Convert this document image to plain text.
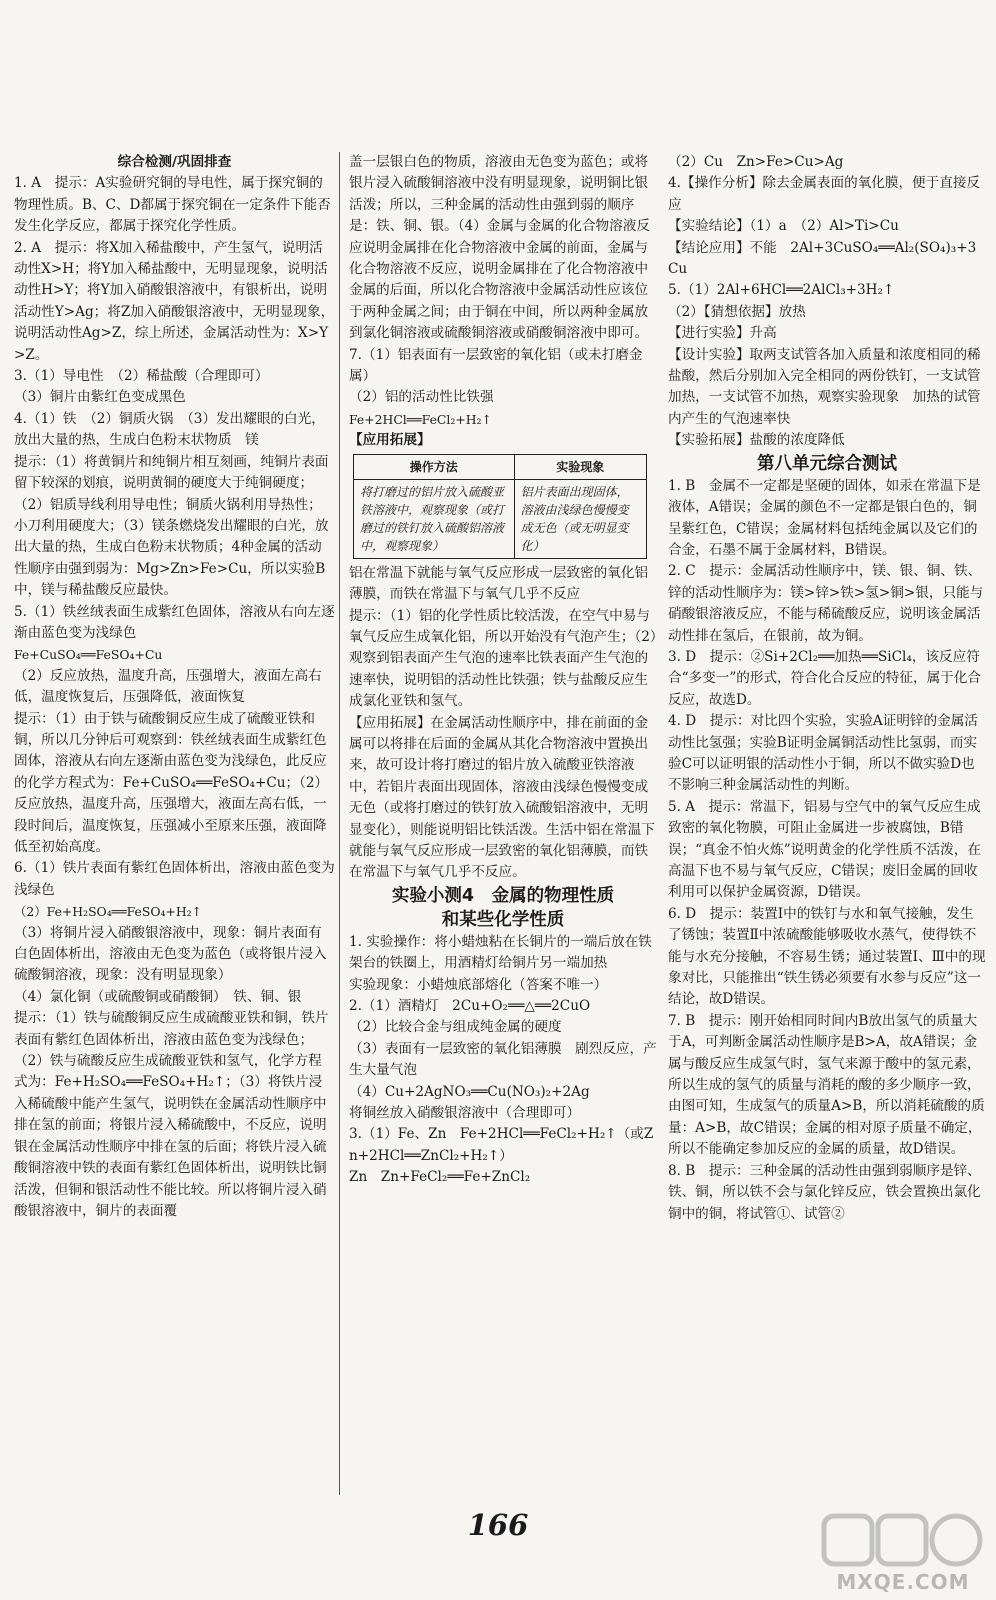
综合检测/巩固排查

1. A　提示：A实验研究铜的导电性，属于探究铜的物理性质。B、C、D都属于探究铜在一定条件下能否发生化学反应，都属于探究化学性质。

2. A　提示：将X加入稀盐酸中，产生氢气，说明活动性X>H；将Y加入稀盐酸中，无明显现象，说明活动性H>Y；将Y加入硝酸银溶液中，有银析出，说明活动性Y>Ag；将Z加入硝酸银溶液中，无明显现象，说明活动性Ag>Z，综上所述，金属活动性为：X>Y>Z。

3.（1）导电性　（2）稀盐酸（合理即可）

（3）铜片由紫红色变成黑色

4.（1）铁　（2）铜质火锅　（3）发出耀眼的白光，放出大量的热，生成白色粉末状物质　镁

提示：（1）将黄铜片和纯铜片相互刻画，纯铜片表面留下较深的划痕，说明黄铜的硬度大于纯铜硬度；（2）铝质导线利用导电性；铜质火锅利用导热性；小刀利用硬度大；（3）镁条燃烧发出耀眼的白光，放出大量的热，生成白色粉末状物质；4种金属的活动性顺序由强到弱为：Mg>Zn>Fe>Cu，所以实验B中，镁与稀盐酸反应最快。

5.（1）铁丝绒表面生成紫红色固体，溶液从右向左逐渐由蓝色变为浅绿色

Fe+CuSO₄══FeSO₄+Cu

（2）反应放热，温度升高，压强增大，液面左高右低，温度恢复后，压强降低，液面恢复

提示：（1）由于铁与硫酸铜反应生成了硫酸亚铁和铜，所以几分钟后可观察到：铁丝绒表面生成紫红色固体，溶液从右向左逐渐由蓝色变为浅绿色，此反应的化学方程式为：Fe+CuSO₄══FeSO₄+Cu；（2）反应放热，温度升高，压强增大，液面左高右低，一段时间后，温度恢复，压强减小至原来压强，液面降低至初始高度。

6.（1）铁片表面有紫红色固体析出，溶液由蓝色变为浅绿色

（2）Fe+H₂SO₄══FeSO₄+H₂↑

（3）将铜片浸入硝酸银溶液中，现象：铜片表面有白色固体析出，溶液由无色变为蓝色（或将银片浸入硫酸铜溶液，现象：没有明显现象）

（4）氯化铜（或硫酸铜或硝酸铜）　铁、铜、银

提示：（1）铁与硫酸铜反应生成硫酸亚铁和铜，铁片表面有紫红色固体析出，溶液由蓝色变为浅绿色；（2）铁与硫酸反应生成硫酸亚铁和氢气，化学方程式为：Fe+H₂SO₄══FeSO₄+H₂↑；（3）将铁片浸入稀硫酸中能产生氢气，说明铁在金属活动性顺序中排在氢的前面；将银片浸入稀硫酸中，不反应，说明银在金属活动性顺序中排在氢的后面；将铁片浸入硫酸铜溶液中铁的表面有紫红色固体析出，说明铁比铜活泼，但铜和银活动性不能比较。所以将铜片浸入硝酸银溶液中，铜片的表面覆

盖一层银白色的物质，溶液由无色变为蓝色；或将银片浸入硫酸铜溶液中没有明显现象，说明铜比银活泼；所以，三种金属的活动性由强到弱的顺序是：铁、铜、银。（4）金属与金属的化合物溶液反应说明金属排在化合物溶液中金属的前面，金属与化合物溶液不反应，说明金属排在了化合物溶液中金属的后面，所以化合物溶液中金属活动性应该位于两种金属之间；由于铜在中间，所以两种金属放到氯化铜溶液或硫酸铜溶液或硝酸铜溶液中即可。

7.（1）铝表面有一层致密的氧化铝（或未打磨金属）

（2）铝的活动性比铁强

Fe+2HCl══FeCl₂+H₂↑

【应用拓展】

操作方法	实验现象
将打磨过的铝片放入硫酸亚铁溶液中，观察现象（或打磨过的铁钉放入硫酸铝溶液中，观察现象）
铝片表面出现固体，溶液由浅绿色慢慢变成无色（或无明显变化）

铝在常温下就能与氧气反应形成一层致密的氧化铝薄膜，而铁在常温下与氧气几乎不反应

提示：（1）铝的化学性质比较活泼，在空气中易与氧气反应生成氧化铝，所以开始没有气泡产生；（2）观察到铝表面产生气泡的速率比铁表面产生气泡的速率快，说明铝的活动性比铁强；铁与盐酸反应生成氯化亚铁和氢气。

【应用拓展】在金属活动性顺序中，排在前面的金属可以将排在后面的金属从其化合物溶液中置换出来，故可设计将打磨过的铝片放入硫酸亚铁溶液中，若铝片表面出现固体，溶液由浅绿色慢慢变成无色（或将打磨过的铁钉放入硫酸铝溶液中，无明显变化），则能说明铝比铁活泼。生活中铝在常温下就能与氧气反应形成一层致密的氧化铝薄膜，而铁在常温下与氧气几乎不反应。

实验小测4　金属的物理性质

和某些化学性质

1. 实验操作：将小蜡烛粘在长铜片的一端后放在铁架台的铁圈上，用酒精灯给铜片另一端加热

实验现象：小蜡烛底部熔化（答案不唯一）

2.（1）酒精灯　2Cu+O₂══△══2CuO

（2）比较合金与组成纯金属的硬度

（3）表面有一层致密的氧化铝薄膜　剧烈反应，产生大量气泡

（4）Cu+2AgNO₃══Cu(NO₃)₂+2Ag

将铜丝放入硝酸银溶液中（合理即可）

3.（1）Fe、Zn　Fe+2HCl══FeCl₂+H₂↑（或Zn+2HCl══ZnCl₂+H₂↑）

Zn　Zn+FeCl₂══Fe+ZnCl₂

（2）Cu　Zn>Fe>Cu>Ag

4.【操作分析】除去金属表面的氧化膜，便于直接反应

【实验结论】（1）a　（2）Al>Ti>Cu

【结论应用】不能　2Al+3CuSO₄══Al₂(SO₄)₃+3Cu

5.（1）2Al+6HCl══2AlCl₃+3H₂↑

（2）【猜想依据】放热

【进行实验】升高

【设计实验】取两支试管各加入质量和浓度相同的稀盐酸，然后分别加入完全相同的两份铁钉，一支试管加热，一支试管不加热，观察实验现象　加热的试管内产生的气泡速率快

【实验拓展】盐酸的浓度降低

第八单元综合测试

1. B　金属不一定都是坚硬的固体，如汞在常温下是液体，A错误；金属的颜色不一定都是银白色的，铜呈紫红色，C错误；金属材料包括纯金属以及它们的合金，石墨不属于金属材料，B错误。

2. C　提示：金属活动性顺序中，镁、银、铜、铁、锌的活动性顺序为：镁>锌>铁>氢>铜>银，只能与硝酸银溶液反应，不能与稀硫酸反应，说明该金属活动性排在氢后，在银前，故为铜。

3. D　提示：②Si+2Cl₂══加热══SiCl₄，该反应符合“多变一”的形式，符合化合反应的特征，属于化合反应，故选D。

4. D　提示：对比四个实验，实验A证明锌的金属活动性比氢强；实验B证明金属铜活动性比氢弱，而实验C可以证明银的活动性小于铜，所以不做实验D也不影响三种金属活动性的判断。

5. A　提示：常温下，铝易与空气中的氧气反应生成致密的氧化物膜，可阻止金属进一步被腐蚀，B错误；“真金不怕火炼”说明黄金的化学性质不活泼，在高温下也不易与氧气反应，C错误；废旧金属的回收利用可以保护金属资源，D错误。

6. D　提示：装置Ⅰ中的铁钉与水和氧气接触，发生了锈蚀；装置Ⅱ中浓硫酸能够吸收水蒸气，使得铁不能与水充分接触，不容易生锈；通过装置Ⅰ、Ⅲ中的现象对比，只能推出“铁生锈必须要有水参与反应”这一结论，故D错误。

7. B　提示：刚开始相同时间内B放出氢气的质量大于A，可判断金属活动性顺序是B>A，故A错误；金属与酸反应生成氢气时，氢气来源于酸中的氢元素，所以生成的氢气的质量与消耗的酸的多少顺序一致，由图可知，生成氢气的质量A>B，所以消耗硫酸的质量：A>B，故C错误；金属的相对原子质量不确定，所以不能确定参加反应的金属的质量，故D错误。

8. B　提示：三种金属的活动性由强到弱顺序是锌、铁、铜，所以铁不会与氯化锌反应，铁会置换出氯化铜中的铜，将试管①、试管②

166
MXQE.COM
